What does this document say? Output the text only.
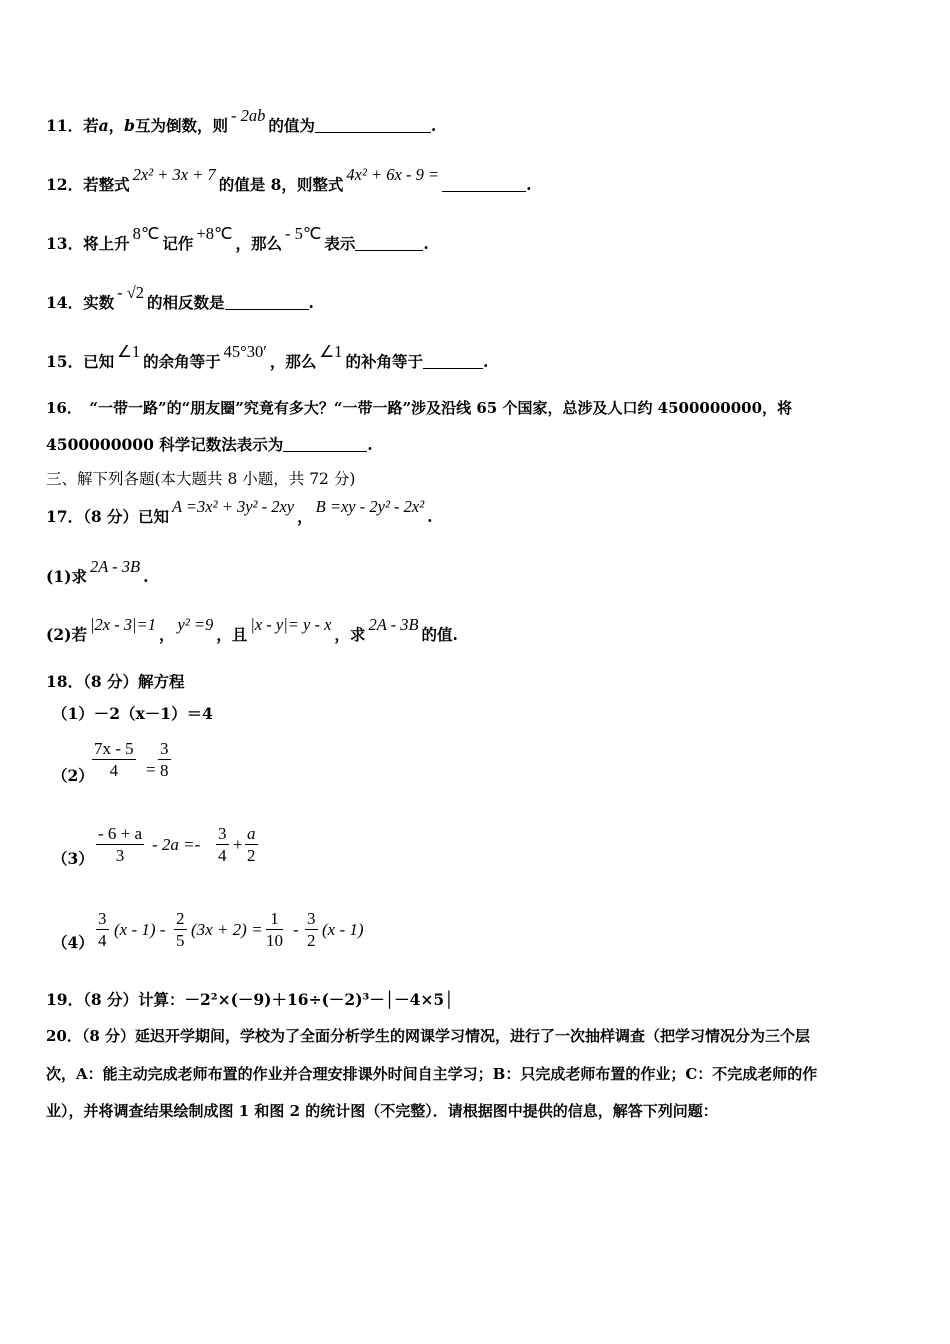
11．若a，b互为倒数，则- 2ab的值为	.
12．若整式2x² + 3x + 7的值是 8，则整式4x² + 6x - 9 =.
13．将上升8℃记作+8℃，那么- 5℃表示	.
14．实数- √2的相反数是	.
15．已知∠1的余角等于45°30′，那么∠1的补角等于	.
16．　“一带一路”的“朋友圈”究竟有多大？“一带一路”涉及沿线 65 个国家，总涉及人口约 4500000000，将
4500000000 科学记数法表示为	.
三、解下列各题(本大题共 8 小题，共 72 分)
17．（8 分）已知A =3x² + 3y² - 2xy，B =xy - 2y² - 2x².
(1)求2A - 3B.
(2)若|2x - 3|=1，y² =9，且|x - y|= y - x，求2A - 3B的值.
18．（8 分）解方程
（1）－2（x－1）＝4
（2）
7x - 5
4	=
3
8
（3）
- 6 + a
3
- 2a =-
3
4
+
a
2
（4）
3
4
(x - 1) -
2
5
(3x + 2) =
1
10
-
3
2
(x - 1)
19．（8 分）计算：－2²×(－9)＋16÷(－2)³－│－4×5│
20．（8 分）延迟开学期间，学校为了全面分析学生的网课学习情况，进行了一次抽样调查（把学习情况分为三个层
次，A：能主动完成老师布置的作业并合理安排课外时间自主学习；B：只完成老师布置的作业；C：不完成老师的作
业），并将调查结果绘制成图 1 和图 2 的统计图（不完整）．请根据图中提供的信息，解答下列问题：
